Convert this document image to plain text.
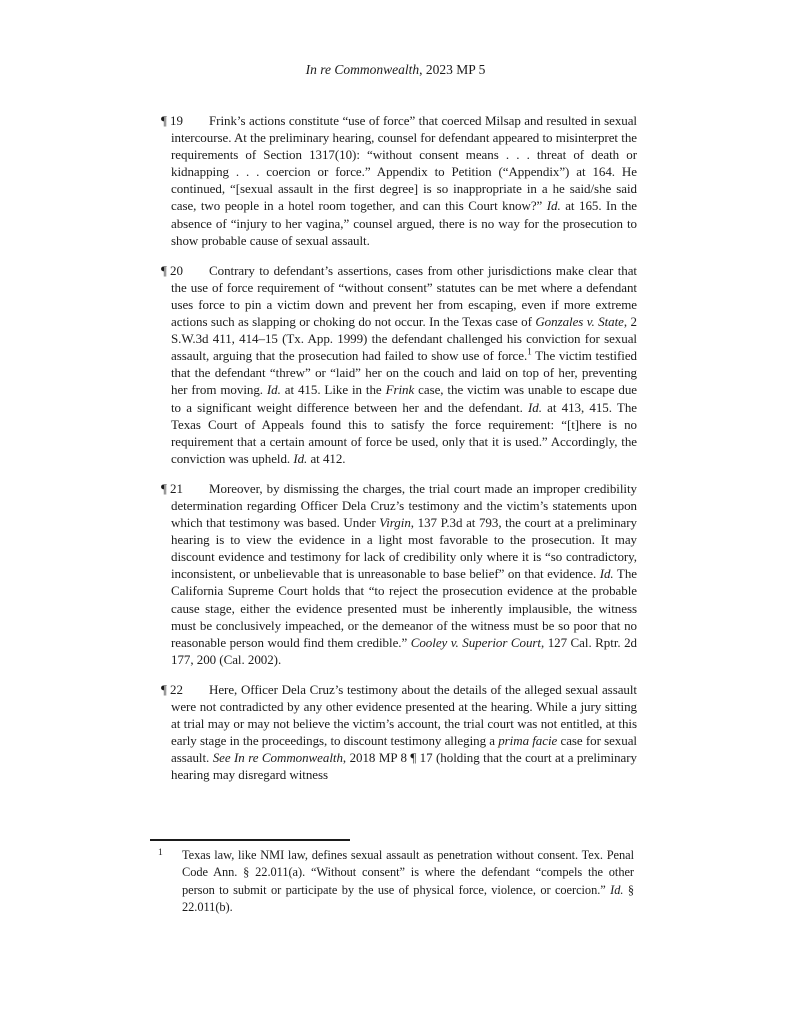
In re Commonwealth, 2023 MP 5
¶ 19 Frink’s actions constitute “use of force” that coerced Milsap and resulted in sexual intercourse. At the preliminary hearing, counsel for defendant appeared to misinterpret the requirements of Section 1317(10): “without consent means . . . threat of death or kidnapping . . . coercion or force.” Appendix to Petition (“Appendix”) at 164. He continued, “[sexual assault in the first degree] is so inappropriate in a he said/she said case, two people in a hotel room together, and can this Court know?” Id. at 165. In the absence of “injury to her vagina,” counsel argued, there is no way for the prosecution to show probable cause of sexual assault.
¶ 20 Contrary to defendant’s assertions, cases from other jurisdictions make clear that the use of force requirement of “without consent” statutes can be met where a defendant uses force to pin a victim down and prevent her from escaping, even if more extreme actions such as slapping or choking do not occur. In the Texas case of Gonzales v. State, 2 S.W.3d 411, 414–15 (Tx. App. 1999) the defendant challenged his conviction for sexual assault, arguing that the prosecution had failed to show use of force.$^1$ The victim testified that the defendant “threw” or “laid” her on the couch and laid on top of her, preventing her from moving. Id. at 415. Like in the Frink case, the victim was unable to escape due to a significant weight difference between her and the defendant. Id. at 413, 415. The Texas Court of Appeals found this to satisfy the force requirement: “[t]here is no requirement that a certain amount of force be used, only that it is used.” Accordingly, the conviction was upheld. Id. at 412.
¶ 21 Moreover, by dismissing the charges, the trial court made an improper credibility determination regarding Officer Dela Cruz’s testimony and the victim’s statements upon which that testimony was based. Under Virgin, 137 P.3d at 793, the court at a preliminary hearing is to view the evidence in a light most favorable to the prosecution. It may discount evidence and testimony for lack of credibility only where it is “so contradictory, inconsistent, or unbelievable that is unreasonable to base belief” on that evidence. Id. The California Supreme Court holds that “to reject the prosecution evidence at the probable cause stage, either the evidence presented must be inherently implausible, the witness must be conclusively impeached, or the demeanor of the witness must be so poor that no reasonable person would find them credible.” Cooley v. Superior Court, 127 Cal. Rptr. 2d 177, 200 (Cal. 2002).
¶ 22 Here, Officer Dela Cruz’s testimony about the details of the alleged sexual assault were not contradicted by any other evidence presented at the hearing. While a jury sitting at trial may or may not believe the victim’s account, the trial court was not entitled, at this early stage in the proceedings, to discount testimony alleging a prima facie case for sexual assault. See In re Commonwealth, 2018 MP 8 ¶ 17 (holding that the court at a preliminary hearing may disregard witness
1 Texas law, like NMI law, defines sexual assault as penetration without consent. Tex. Penal Code Ann. § 22.011(a). “Without consent” is where the defendant “compels the other person to submit or participate by the use of physical force, violence, or coercion.” Id. § 22.011(b).
